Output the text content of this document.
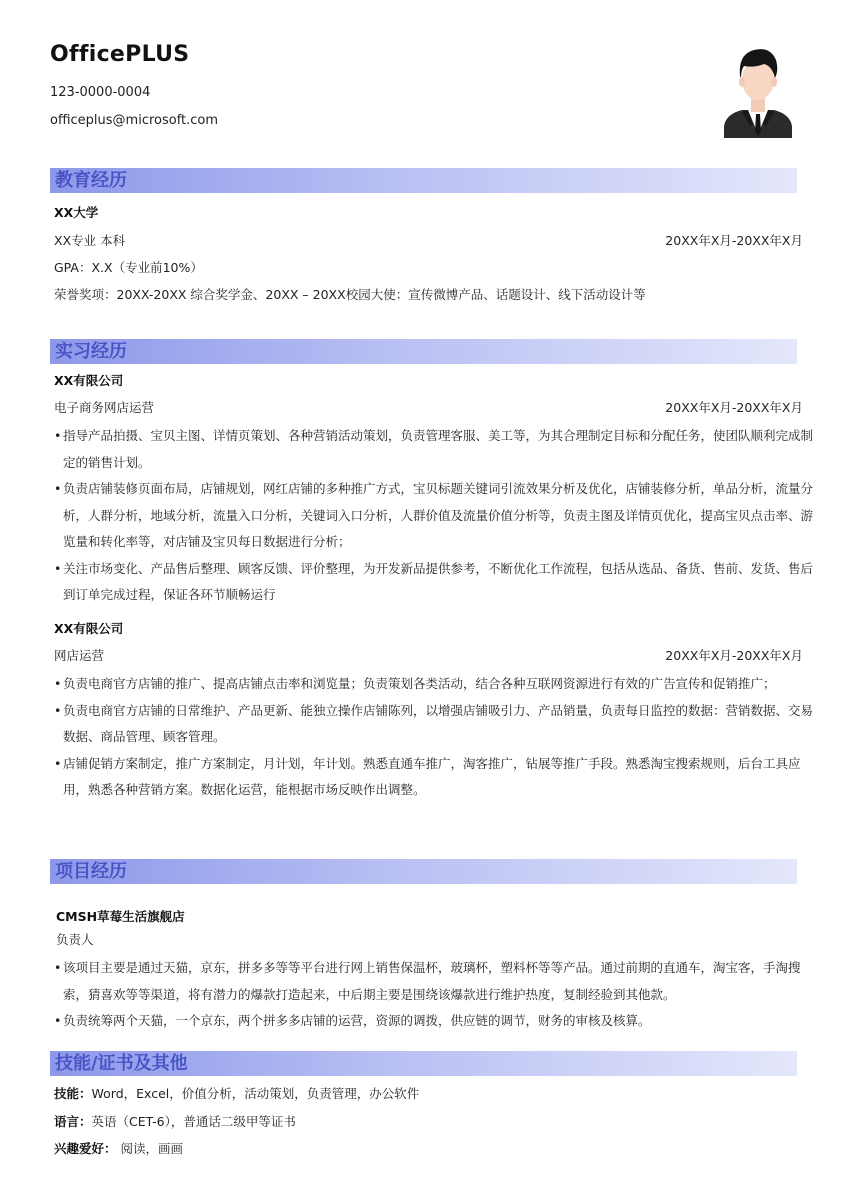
OfficePLUS
123-0000-0004
officeplus@microsoft.com
教育经历
XX大学
XX专业 本科	20XX年X月-20XX年X月
GPA：X.X（专业前10%）
荣誉奖项：20XX-20XX 综合奖学金、20XX – 20XX校园大使：宣传微博产品、话题设计、线下活动设计等
实习经历
XX有限公司
电子商务网店运营	20XX年X月-20XX年X月
• 指导产品拍摄、宝贝主图、详情页策划、各种营销活动策划，负责管理客服、美工等，为其合理制定目标和分配任务，使团队顺利完成制定的销售计划。
• 负责店铺装修页面布局，店铺规划，网红店铺的多种推广方式，宝贝标题关键词引流效果分析及优化，店铺装修分析，单品分析，流量分析，人群分析，地域分析，流量入口分析，关键词入口分析，人群价值及流量价值分析等，负责主图及详情页优化，提高宝贝点击率、游览量和转化率等，对店铺及宝贝每日数据进行分析；
• 关注市场变化、产品售后整理、顾客反馈、评价整理，为开发新品提供参考，不断优化工作流程，包括从选品、备货、售前、发货、售后到订单完成过程，保证各环节顺畅运行
XX有限公司
网店运营	20XX年X月-20XX年X月
• 负责电商官方店铺的推广、提高店铺点击率和浏览量；负责策划各类活动，结合各种互联网资源进行有效的广告宣传和促销推广；
• 负责电商官方店铺的日常维护、产品更新、能独立操作店铺陈列，以增强店铺吸引力、产品销量，负责每日监控的数据：营销数据、交易数据、商品管理、顾客管理。
• 店铺促销方案制定，推广方案制定，月计划，年计划。熟悉直通车推广，淘客推广，钻展等推广手段。熟悉淘宝搜索规则，后台工具应用，熟悉各种营销方案。数据化运营，能根据市场反映作出调整。
项目经历
CMSH草莓生活旗舰店
负责人
• 该项目主要是通过天猫，京东，拼多多等等平台进行网上销售保温杯，玻璃杯，塑料杯等等产品。通过前期的直通车，淘宝客，手淘搜索，猜喜欢等等渠道，将有潜力的爆款打造起来，中后期主要是围绕该爆款进行维护热度，复制经验到其他款。
• 负责统筹两个天猫，一个京东，两个拼多多店铺的运营，资源的调拨，供应链的调节，财务的审核及核算。
技能/证书及其他
技能：Word，Excel，价值分析，活动策划，负责管理，办公软件
语言：英语（CET-6），普通话二级甲等证书
兴趣爱好： 阅读，画画
